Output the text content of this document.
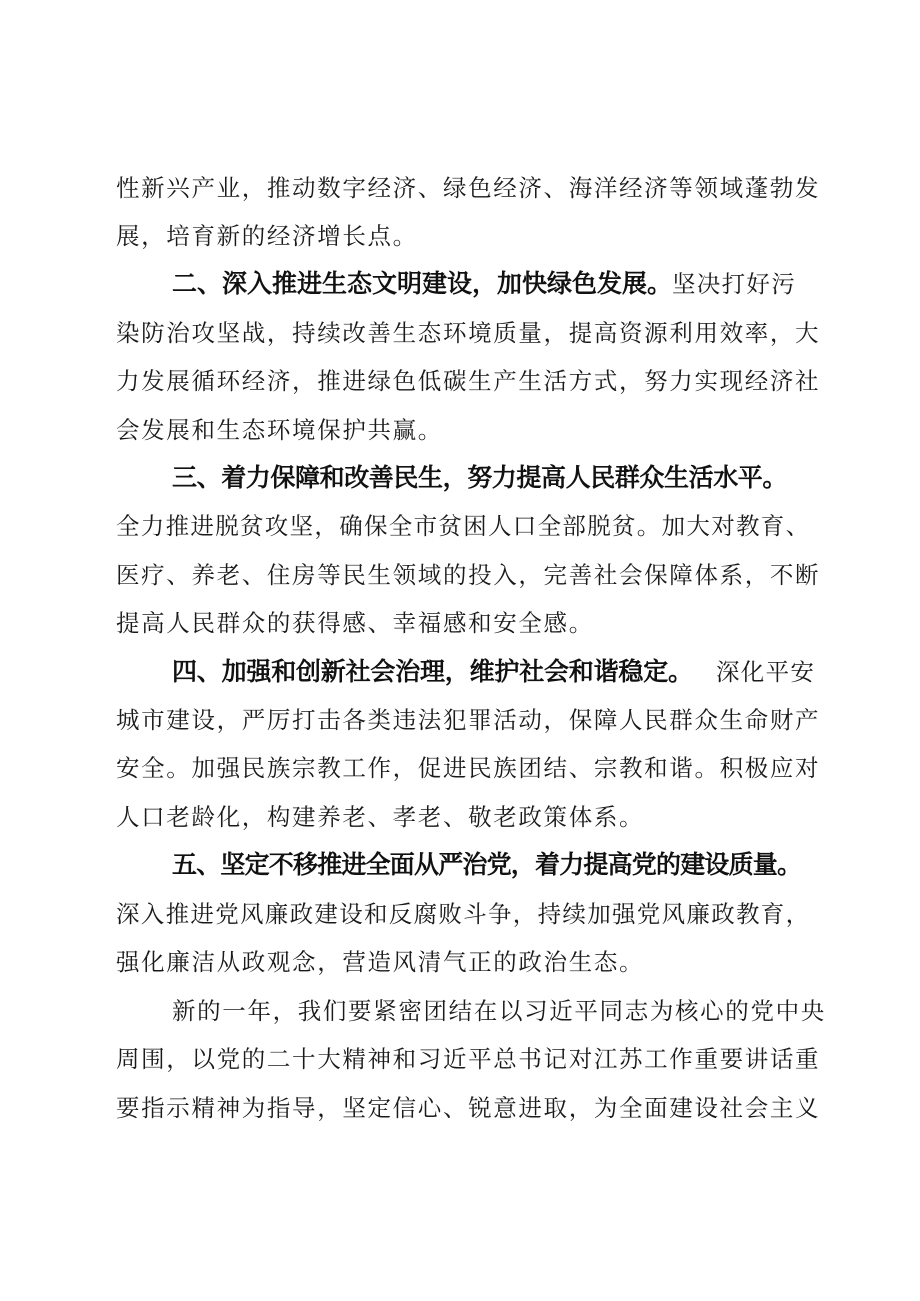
性新兴产业，推动数字经济、绿色经济、海洋经济等领域蓬勃发
展，培育新的经济增长点。
二、深入推进生态文明建设，加快绿色发展。 坚决打好污
染防治攻坚战，持续改善生态环境质量，提高资源利用效率，大
力发展循环经济，推进绿色低碳生产生活方式，努力实现经济社
会发展和生态环境保护共赢。
三、着力保障和改善民生，努力提高人民群众生活水平。
全力推进脱贫攻坚，确保全市贫困人口全部脱贫。加大对教育、
医疗、养老、住房等民生领域的投入，完善社会保障体系，不断
提高人民群众的获得感、幸福感和安全感。
四、加强和创新社会治理，维护社会和谐稳定。 深化平安
城市建设，严厉打击各类违法犯罪活动，保障人民群众生命财产
安全。加强民族宗教工作，促进民族团结、宗教和谐。积极应对
人口老龄化，构建养老、孝老、敬老政策体系。
五、坚定不移推进全面从严治党，着力提高党的建设质量。
深入推进党风廉政建设和反腐败斗争，持续加强党风廉政教育，
强化廉洁从政观念，营造风清气正的政治生态。
新的一年，我们要紧密团结在以习近平同志为核心的党中央
周围，以党的二十大精神和习近平总书记对江苏工作重要讲话重
要指示精神为指导，坚定信心、锐意进取，为全面建设社会主义
